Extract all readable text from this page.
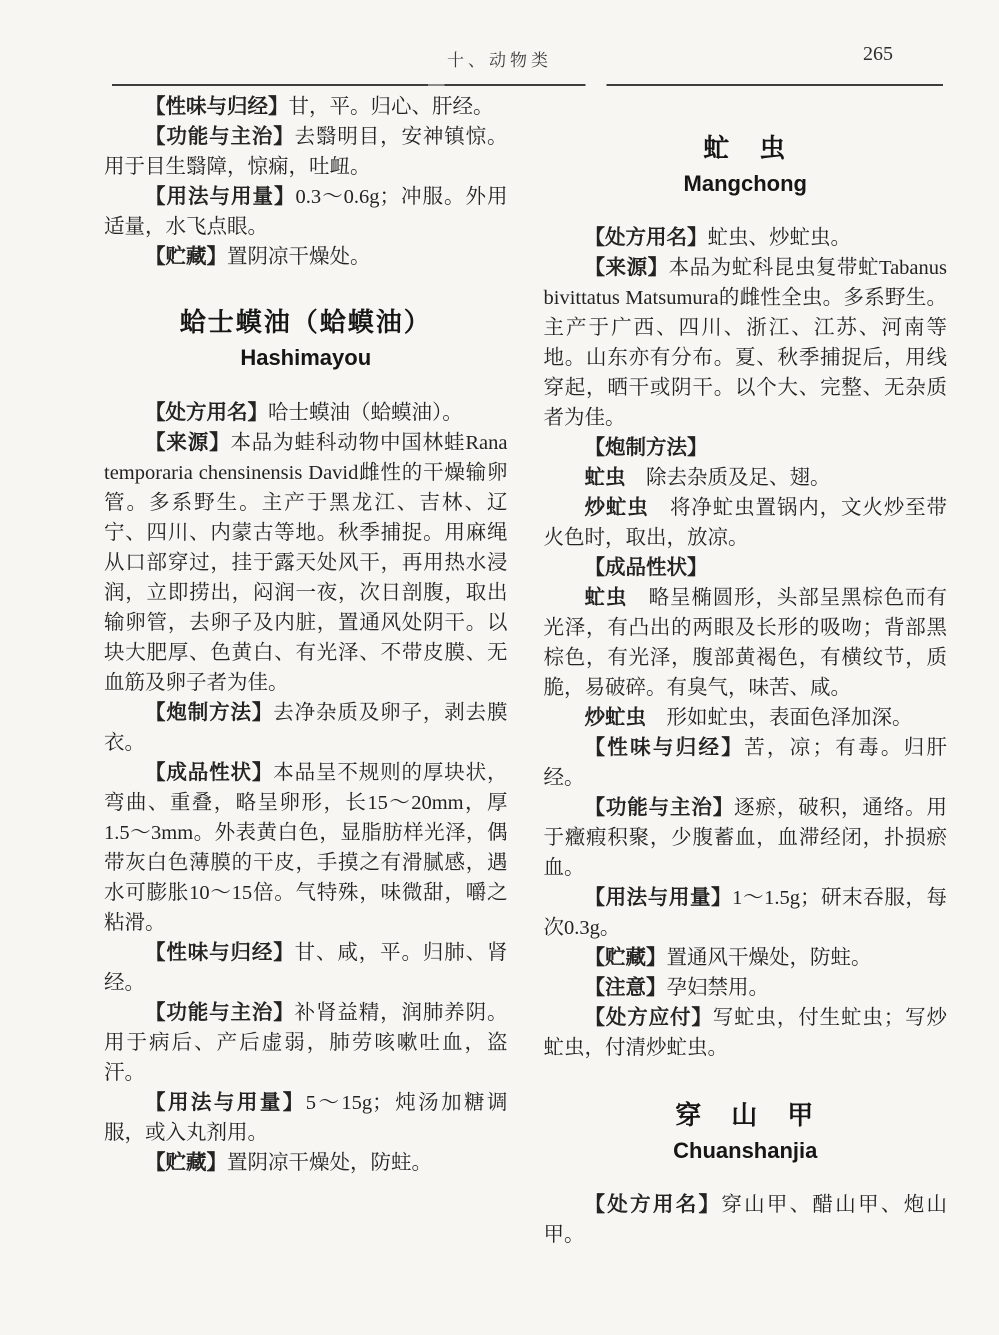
十、动物类	265

【性味与归经】甘，平。归心、肝经。

【功能与主治】去翳明目，安神镇惊。用于目生翳障，惊痫，吐衄。

【用法与用量】0.3～0.6g；冲服。外用适量，水飞点眼。

【贮藏】置阴凉干燥处。

蛤士蟆油（蛤蟆油）
Hashimayou

【处方用名】哈士蟆油（蛤蟆油）。

【来源】本品为蛙科动物中国林蛙Rana temporaria chensinensis David雌性的干燥输卵管。多系野生。主产于黑龙江、吉林、辽宁、四川、内蒙古等地。秋季捕捉。用麻绳从口部穿过，挂于露天处风干，再用热水浸润，立即捞出，闷润一夜，次日剖腹，取出输卵管，去卵子及内脏，置通风处阴干。以块大肥厚、色黄白、有光泽、不带皮膜、无血筋及卵子者为佳。

【炮制方法】去净杂质及卵子，剥去膜衣。

【成品性状】本品呈不规则的厚块状，弯曲、重叠，略呈卵形，长15～20mm，厚1.5～3mm。外表黄白色，显脂肪样光泽，偶带灰白色薄膜的干皮，手摸之有滑腻感，遇水可膨胀10～15倍。气特殊，味微甜，嚼之粘滑。

【性味与归经】甘、咸，平。归肺、肾经。

【功能与主治】补肾益精，润肺养阴。用于病后、产后虚弱，肺劳咳嗽吐血，盗汗。

【用法与用量】5～15g；炖汤加糖调服，或入丸剂用。

【贮藏】置阴凉干燥处，防蛀。

虻　虫
Mangchong

【处方用名】虻虫、炒虻虫。

【来源】本品为虻科昆虫复带虻Tabanus bivittatus Matsumura的雌性全虫。多系野生。主产于广西、四川、浙江、江苏、河南等地。山东亦有分布。夏、秋季捕捉后，用线穿起，晒干或阴干。以个大、完整、无杂质者为佳。

【炮制方法】

虻虫　除去杂质及足、翅。

炒虻虫　将净虻虫置锅内，文火炒至带火色时，取出，放凉。

【成品性状】

虻虫　略呈椭圆形，头部呈黑棕色而有光泽，有凸出的两眼及长形的吸吻；背部黑棕色，有光泽，腹部黄褐色，有横纹节，质脆，易破碎。有臭气，味苦、咸。

炒虻虫　形如虻虫，表面色泽加深。

【性味与归经】苦，凉；有毒。归肝经。

【功能与主治】逐瘀，破积，通络。用于癥瘕积聚，少腹蓄血，血滞经闭，扑损瘀血。

【用法与用量】1～1.5g；研末吞服，每次0.3g。

【贮藏】置通风干燥处，防蛀。

【注意】孕妇禁用。

【处方应付】写虻虫，付生虻虫；写炒虻虫，付清炒虻虫。

穿　山　甲
Chuanshanjia

【处方用名】穿山甲、醋山甲、炮山甲。
